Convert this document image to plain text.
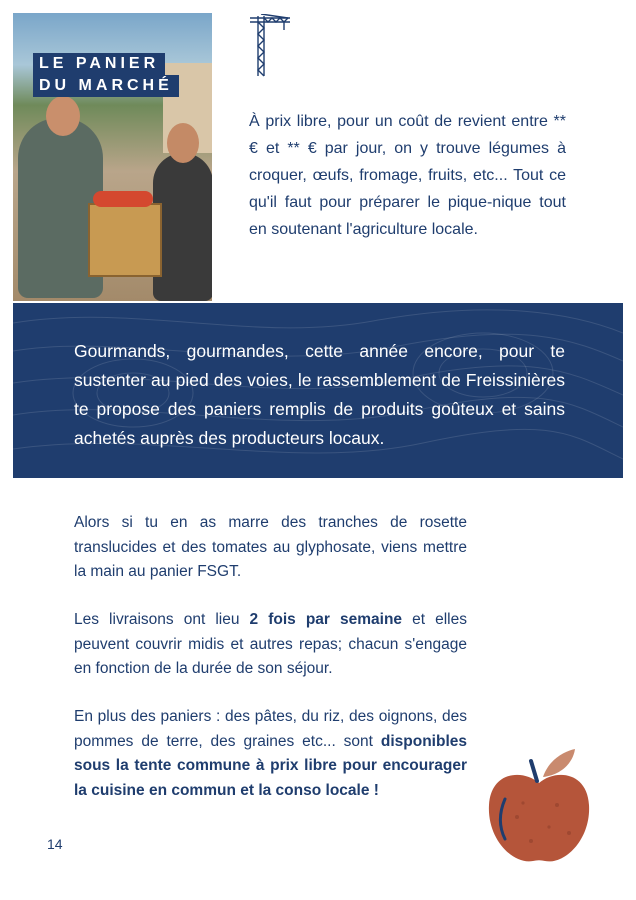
LE PANIER
DU MARCHÉ
À prix libre, pour un coût de revient entre ** € et ** € par jour, on y trouve légumes à croquer, œufs, fromage, fruits, etc... Tout ce qu'il faut pour préparer le pique-nique tout en soutenant l'agriculture locale.
Gourmands, gourmandes, cette année encore, pour te sustenter au pied des voies, le rassemblement de Freissinières te propose des paniers remplis de produits goûteux et sains achetés auprès des producteurs locaux.
Alors si tu en as marre des tranches de rosette translucides et des tomates au glyphosate, viens mettre la main au panier FSGT.
Les livraisons ont lieu 2 fois par semaine et elles peuvent couvrir midis et autres repas; chacun s'engage en fonction de la durée de son séjour.
En plus des paniers : des pâtes, du riz, des oignons, des pommes de terre, des graines etc... sont disponibles sous la tente commune à prix libre pour encourager la cuisine en commun et la conso locale !
14
